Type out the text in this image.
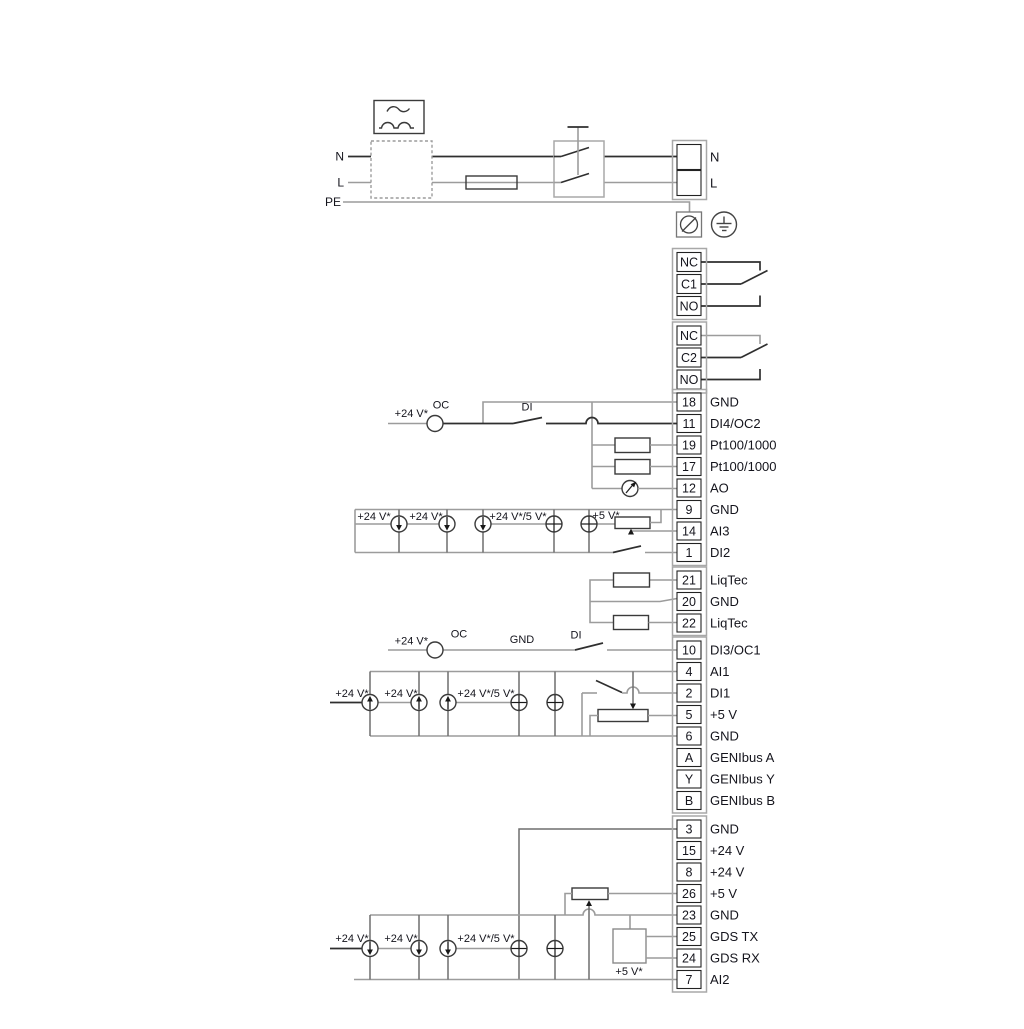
NC
C1
NO
NC
C2
NO
+24 V*
OC	DI
+24 V* +24 V*	+24 V*/5 V*	+5 V*
+24 V*
OC	GND	DI
+24 V* +24 V*	+24 V*/5 V*
+24 V* +24 V*	+24 V*/5 V*
+5 V*
18 GND
11 DI4/OC2
19 Pt100/1000
17 Pt100/1000
12 AO
9 GND
14 AI3
1 DI2
21 LiqTec
20 GND
22 LiqTec
10 DI3/OC1
4 AI1
2 DI1
5 +5 V
6 GND
A GENIbus A
Y GENIbus Y
B GENIbus B
3 GND
15 +24 V
8 +24 V
26 +5 V
23 GND
25 GDS TX
24 GDS RX
7 AI2
N
L
PE
N
L
